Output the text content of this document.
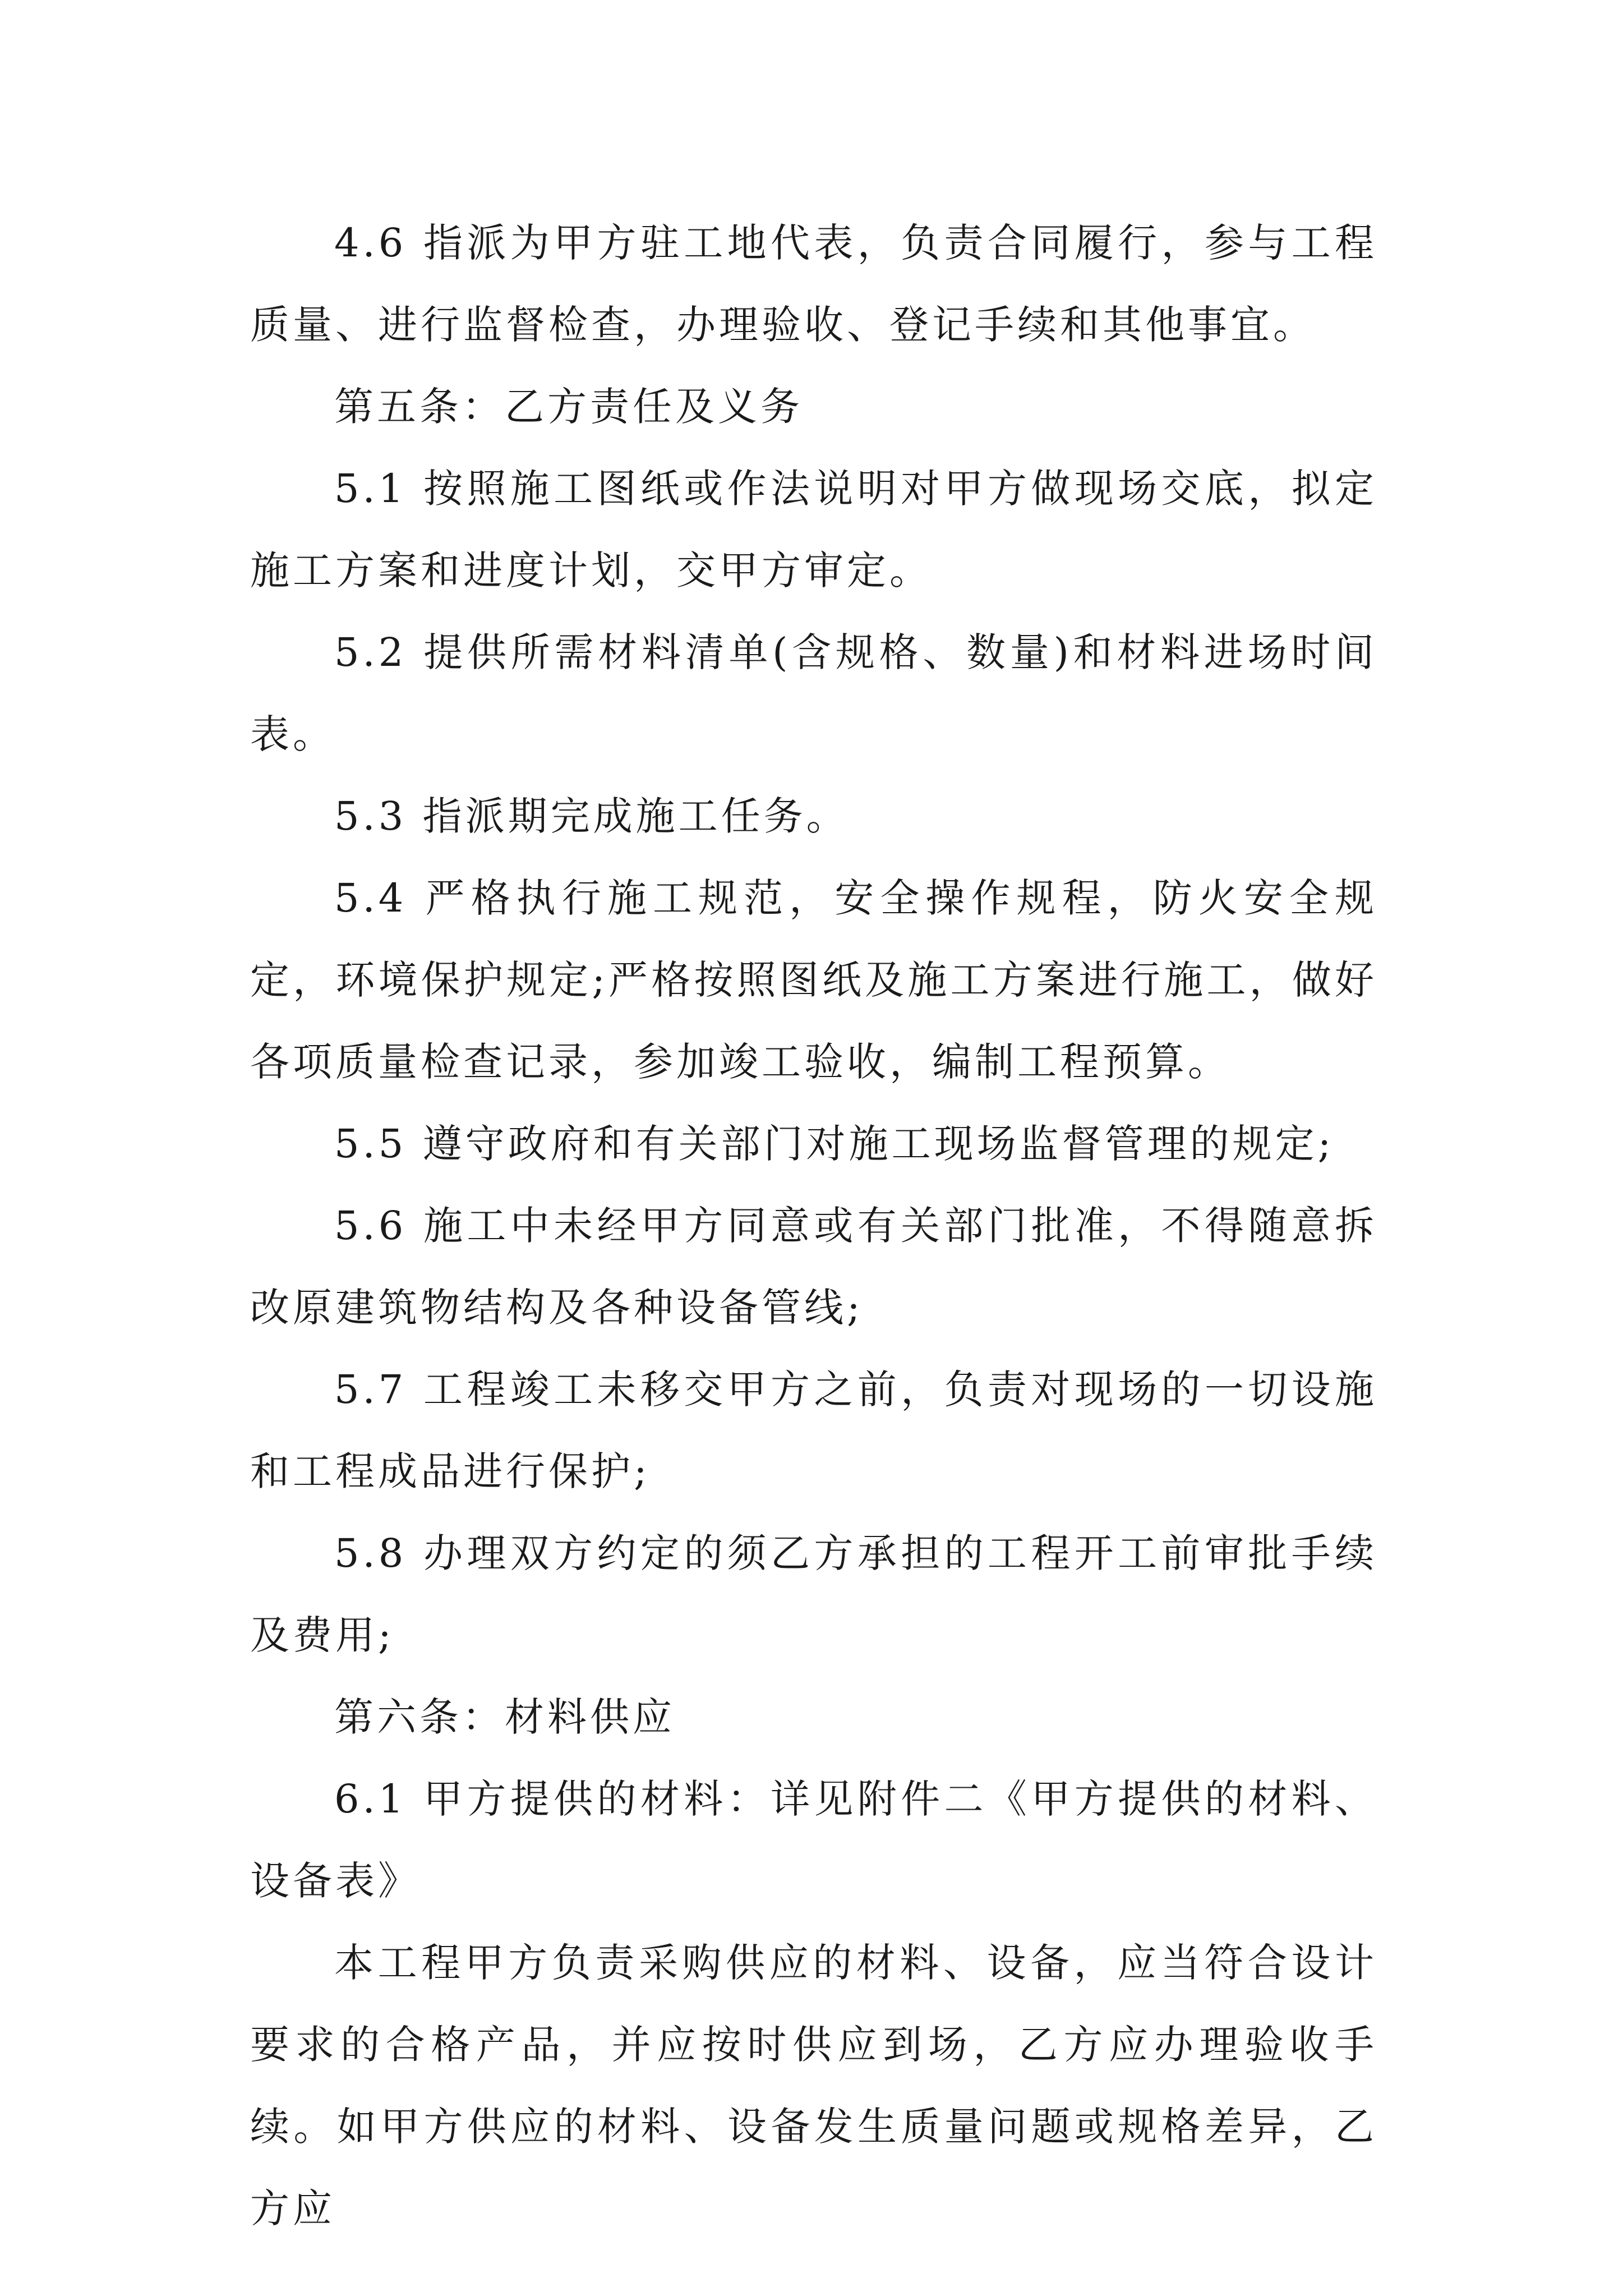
4.6 指派为甲方驻工地代表，负责合同履行，参与工程质量、进行监督检查，办理验收、登记手续和其他事宜。

第五条：乙方责任及义务

5.1 按照施工图纸或作法说明对甲方做现场交底，拟定施工方案和进度计划，交甲方审定。

5.2 提供所需材料清单(含规格、数量)和材料进场时间表。

5.3 指派期完成施工任务。

5.4 严格执行施工规范，安全操作规程，防火安全规定，环境保护规定;严格按照图纸及施工方案进行施工，做好各项质量检查记录，参加竣工验收，编制工程预算。

5.5 遵守政府和有关部门对施工现场监督管理的规定;

5.6 施工中未经甲方同意或有关部门批准，不得随意拆改原建筑物结构及各种设备管线;

5.7 工程竣工未移交甲方之前，负责对现场的一切设施和工程成品进行保护;

5.8 办理双方约定的须乙方承担的工程开工前审批手续及费用;

第六条：材料供应

6.1 甲方提供的材料：详见附件二《甲方提供的材料、设备表》

本工程甲方负责采购供应的材料、设备，应当符合设计要求的合格产品，并应按时供应到场，乙方应办理验收手续。如甲方供应的材料、设备发生质量问题或规格差异，乙方应
